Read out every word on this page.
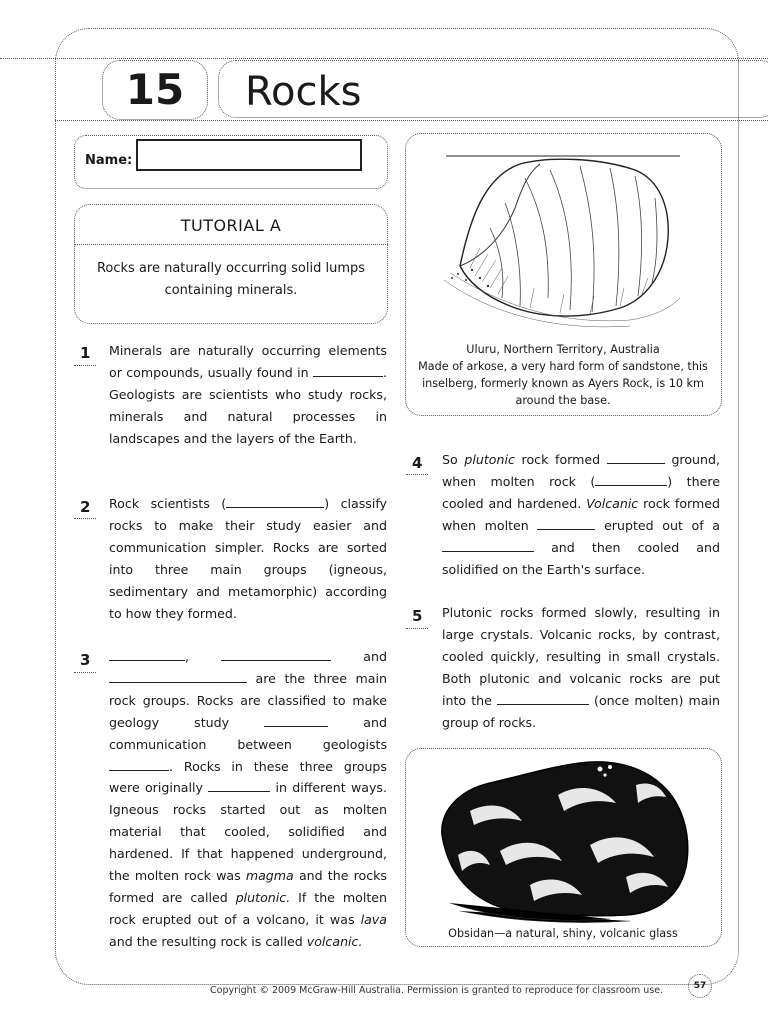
15	Rocks
Name:
TUTORIAL A
Rocks are naturally occurring solid lumps containing minerals.
1 Minerals are naturally occurring elements or compounds, usually found in	. Geologists are scientists who study rocks, minerals and natural processes in landscapes and the layers of the Earth.
2 Rock scientists (	) classify rocks to make their study easier and communication simpler. Rocks are sorted into three main groups (igneous, sedimentary and metamorphic) according to how they formed.
3	,	and  are the three main rock groups. Rocks are classified to make geology study	and communication between geologists . Rocks in these three groups were originally	in different ways. Igneous rocks started out as molten material that cooled, solidified and hardened. If that happened underground, the molten rock was magma and the rocks formed are called plutonic. If the molten rock erupted out of a volcano, it was lava and the resulting rock is called volcanic.
Uluru, Northern Territory, Australia
Made of arkose, a very hard form of sandstone, this inselberg, formerly known as Ayers Rock, is 10 km around the base.
4 So plutonic rock formed	ground, when molten rock (	) there cooled and hardened. Volcanic rock formed when molten	erupted out of a  and then cooled and solidified on the Earth's surface.
5 Plutonic rocks formed slowly, resulting in large crystals. Volcanic rocks, by contrast, cooled quickly, resulting in small crystals. Both plutonic and volcanic rocks are put into the	(once molten) main group of rocks.
Obsidan—a natural, shiny, volcanic glass
Copyright © 2009 McGraw-Hill Australia. Permission is granted to reproduce for classroom use.	57
